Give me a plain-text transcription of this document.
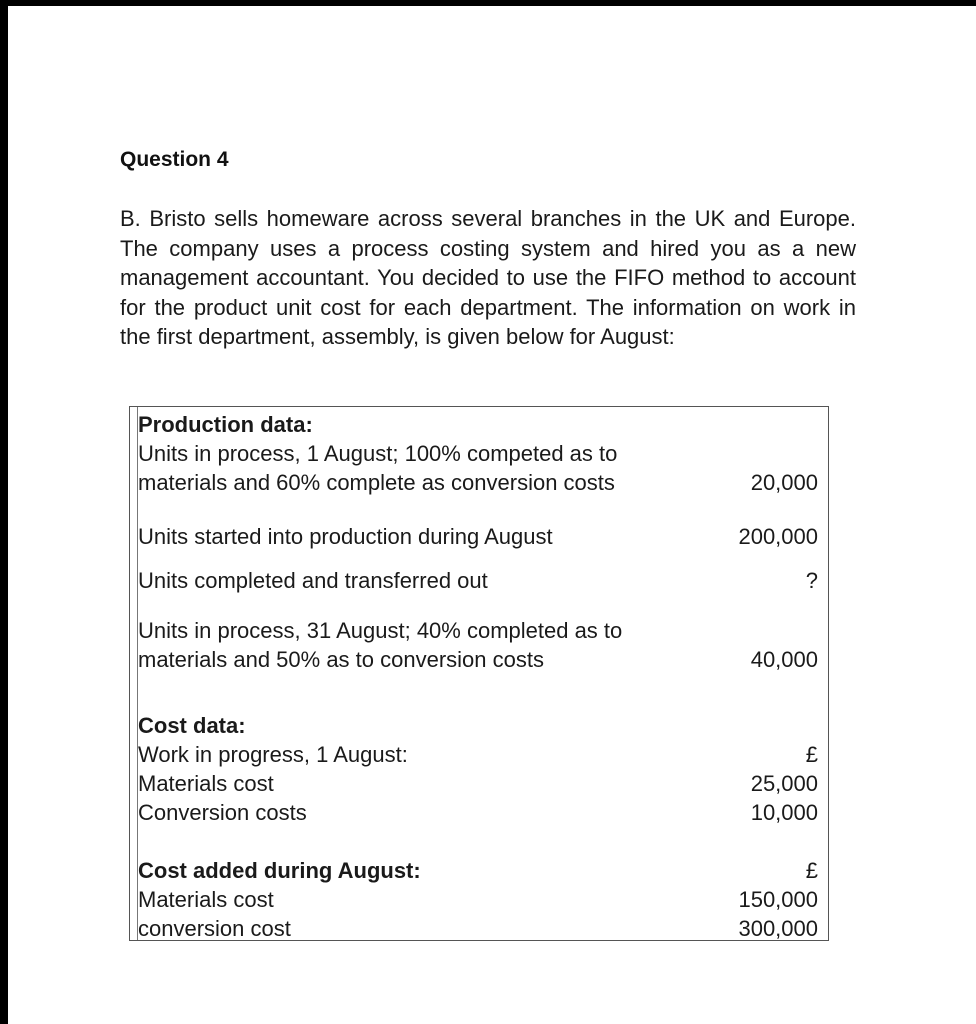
Question 4
B. Bristo sells homeware across several branches in the UK and Europe. The company uses a process costing system and hired you as a new management accountant. You decided to use the FIFO method to account for the product unit cost for each department. The information on work in the first department, assembly, is given below for August:
Production data:
Units in process, 1 August; 100% competed as to
materials and 60% complete as conversion costs	20,000
Units started into production during August	200,000
Units completed and transferred out	?
Units in process, 31 August; 40% completed as to
materials and 50% as to conversion costs	40,000
Cost data:
Work in progress, 1 August:	£
Materials cost	25,000
Conversion costs	10,000
Cost added during August:	£
Materials cost	150,000
conversion cost	300,000
